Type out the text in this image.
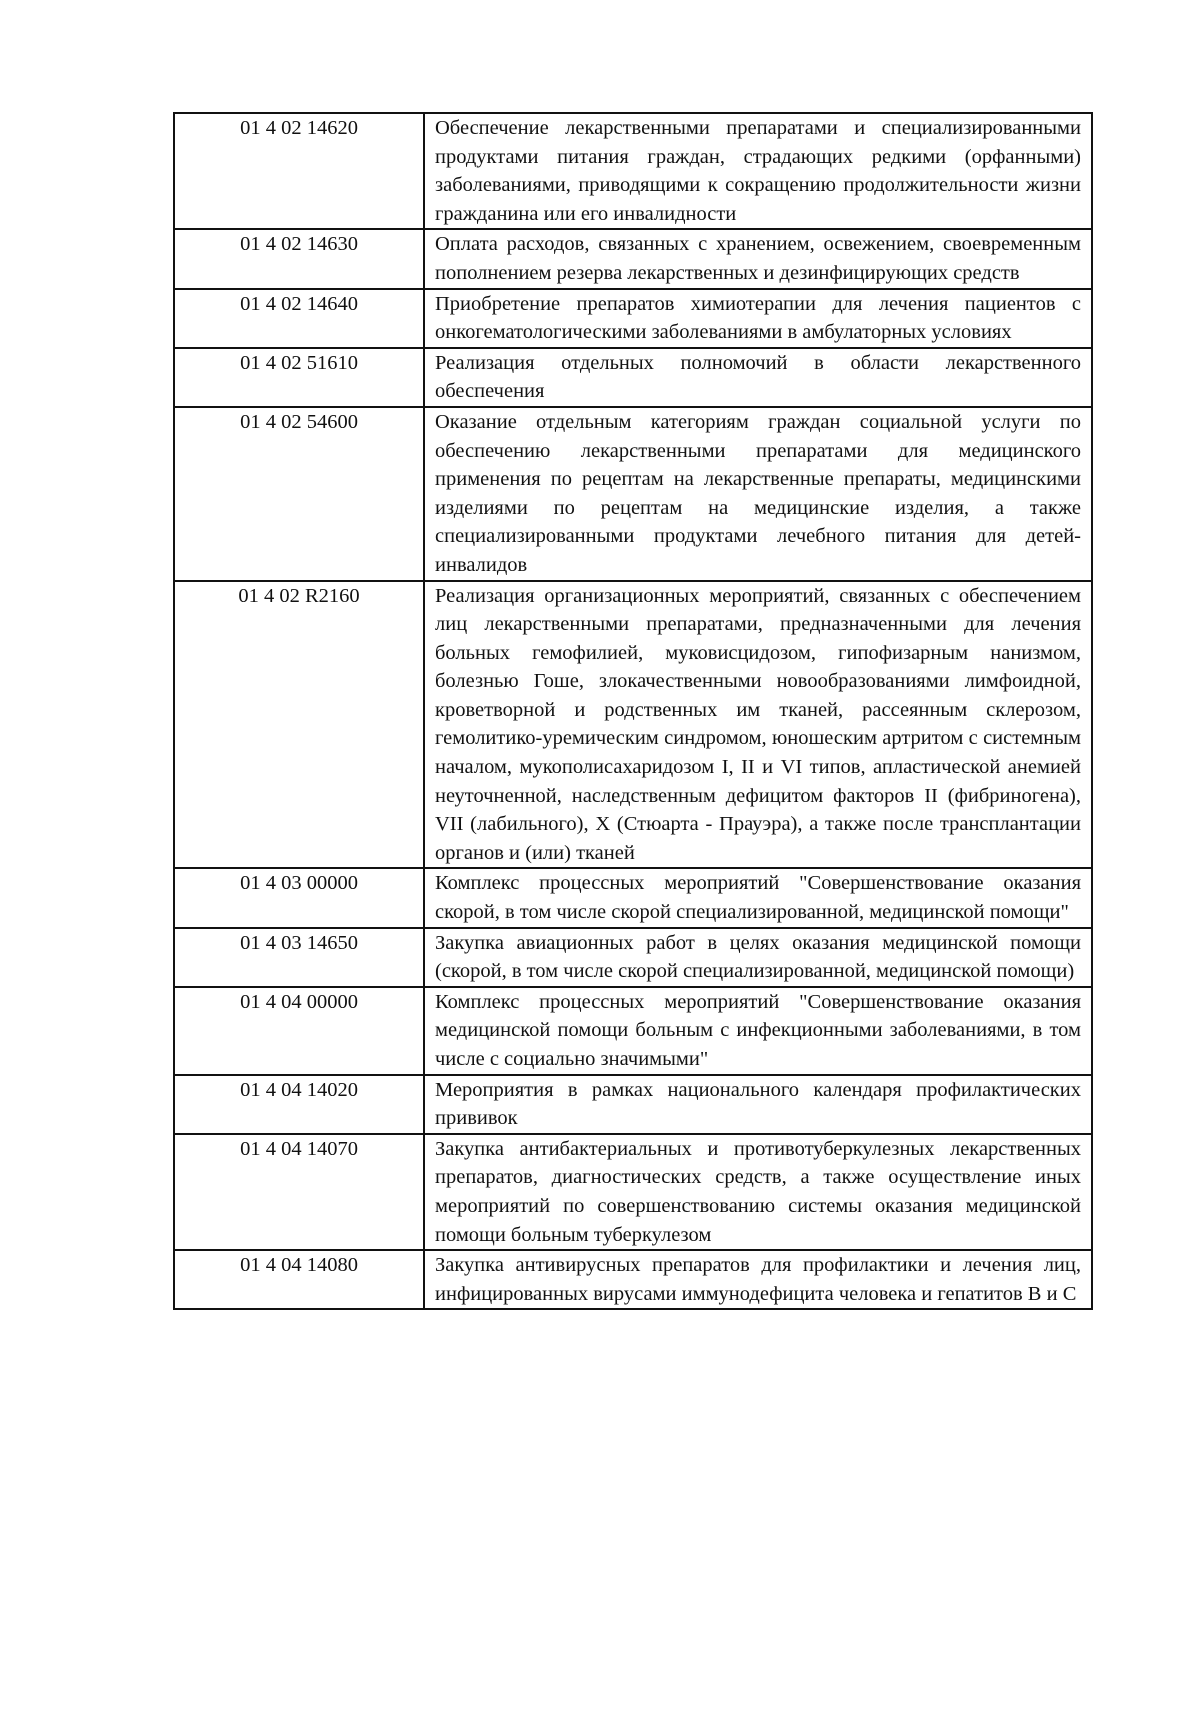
01 4 02 14620	Обеспечение лекарственными препаратами и специализированными продуктами питания граждан, страдающих редкими (орфанными) заболеваниями, приводящими к сокращению продолжительности жизни гражданина или его инвалидности
01 4 02 14630	Оплата расходов, связанных с хранением, освежением, своевременным пополнением резерва лекарственных и дезинфицирующих средств
01 4 02 14640	Приобретение препаратов химиотерапии для лечения пациентов с онкогематологическими заболеваниями в амбулаторных условиях
01 4 02 51610	Реализация отдельных полномочий в области лекарственного обеспечения
01 4 02 54600	Оказание отдельным категориям граждан социальной услуги по обеспечению лекарственными препаратами для медицинского применения по рецептам на лекарственные препараты, медицинскими изделиями по рецептам на медицинские изделия, а также специализированными продуктами лечебного питания для детей-инвалидов
01 4 02 R2160	Реализация организационных мероприятий, связанных с обеспечением лиц лекарственными препаратами, предназначенными для лечения больных гемофилией, муковисцидозом, гипофизарным нанизмом, болезнью Гоше, злокачественными новообразованиями лимфоидной, кроветворной и родственных им тканей, рассеянным склерозом, гемолитико-уремическим синдромом, юношеским артритом с системным началом, мукополисахаридозом I, II и VI типов, апластической анемией неуточненной, наследственным дефицитом факторов II (фибриногена), VII (лабильного), X (Стюарта - Прауэра), а также после трансплантации органов и (или) тканей
01 4 03 00000	Комплекс процессных мероприятий "Совершенствование оказания скорой, в том числе скорой специализированной, медицинской помощи"
01 4 03 14650	Закупка авиационных работ в целях оказания медицинской помощи (скорой, в том числе скорой специализированной, медицинской помощи)
01 4 04 00000	Комплекс процессных мероприятий "Совершенствование оказания медицинской помощи больным с инфекционными заболеваниями, в том числе с социально значимыми"
01 4 04 14020	Мероприятия в рамках национального календаря профилактических прививок
01 4 04 14070	Закупка антибактериальных и противотуберкулезных лекарственных препаратов, диагностических средств, а также осуществление иных мероприятий по совершенствованию системы оказания медицинской помощи больным туберкулезом
01 4 04 14080	Закупка антивирусных препаратов для профилактики и лечения лиц, инфицированных вирусами иммунодефицита человека и гепатитов B и C
